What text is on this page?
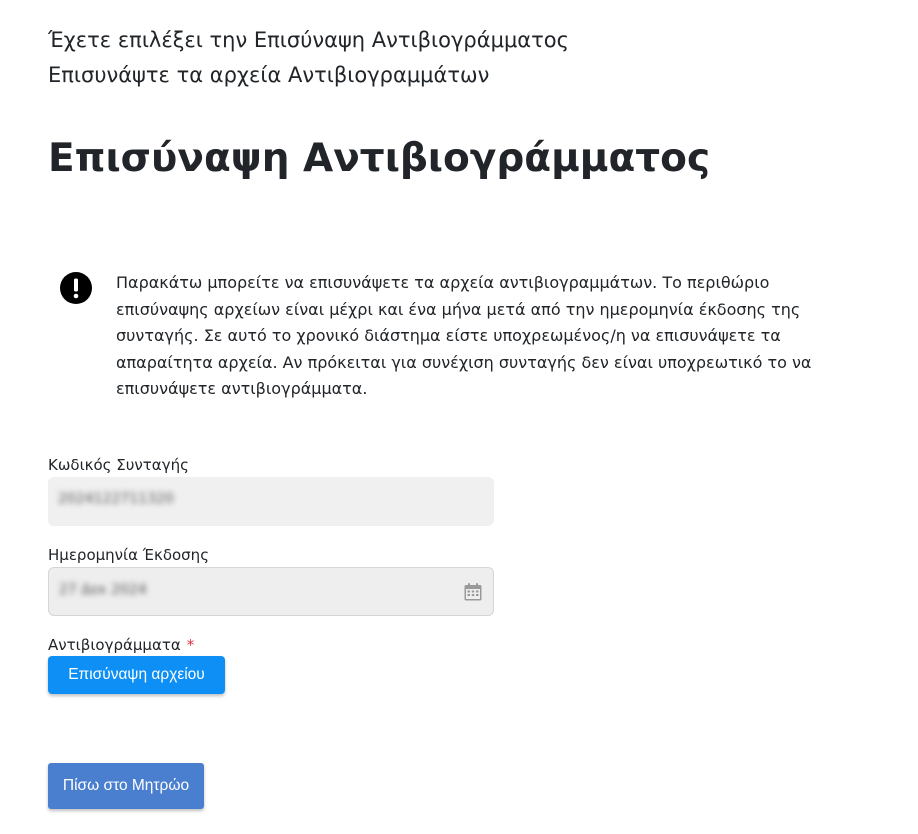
Έχετε επιλέξει την Επισύναψη Αντιβιογράμματος
Επισυνάψτε τα αρχεία Αντιβιογραμμάτων
Επισύναψη Αντιβιογράμματος

Παρακάτω μπορείτε να επισυνάψετε τα αρχεία αντιβιογραμμάτων. Το περιθώριο επισύναψης αρχείων είναι μέχρι και ένα μήνα μετά από την ημερομηνία έκδοσης της συνταγής. Σε αυτό το χρονικό διάστημα είστε υποχρεωμένος/η να επισυνάψετε τα απαραίτητα αρχεία. Αν πρόκειται για συνέχιση συνταγής δεν είναι υποχρεωτικό το να επισυνάψετε αντιβιογράμματα.

Κωδικός Συνταγής
2024122711320
Ημερομηνία Έκδοσης
27 Δεκ 2024
Αντιβιογράμματα *
Επισύναψη αρχείου
Πίσω στο Μητρώο
